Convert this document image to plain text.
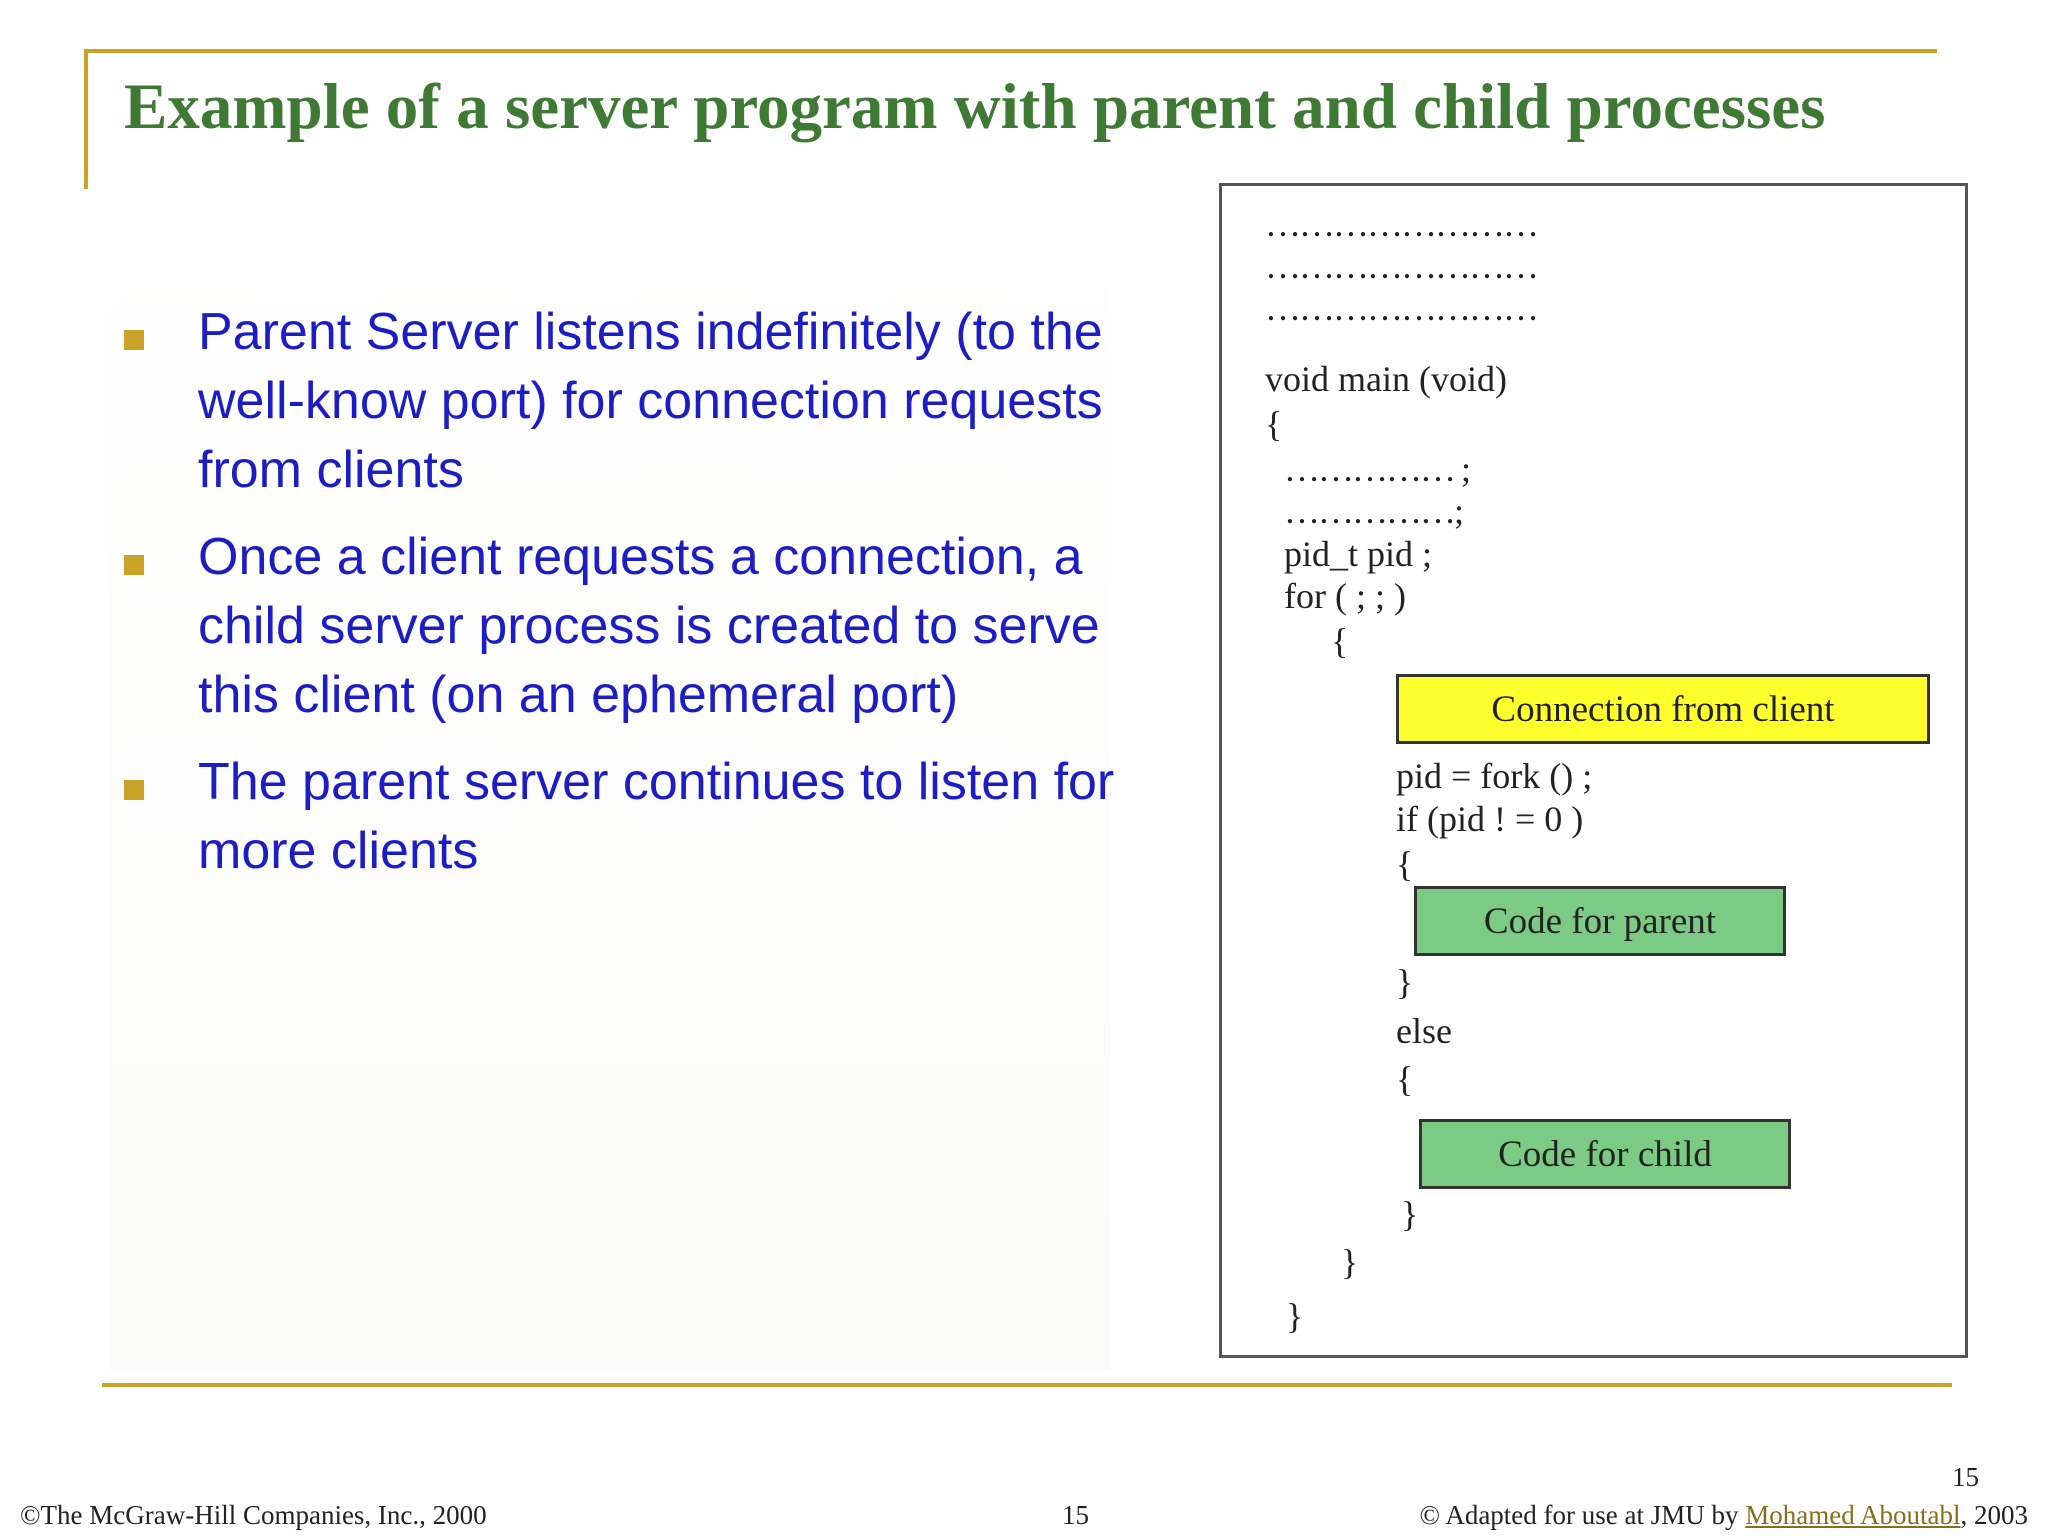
Example of a server program with parent and child processes
Parent Server listens indefinitely (to the well-know port) for connection requests from clients
Once a client requests a connection, a child server process is created to serve this client (on an ephemeral port)
The parent server continues to listen for more clients
……………………
……………………
……………………
void main (void)
{
…………… ;
……………;
pid_t pid ;
for ( ; ; )
{
Connection from client
pid = fork () ;
if (pid ! = 0 )
{
Code for parent
}
else
{
Code for child
}
}
}
15
©The McGraw-Hill Companies, Inc., 2000	15	© Adapted for use at JMU by Mohamed Aboutabl, 2003
